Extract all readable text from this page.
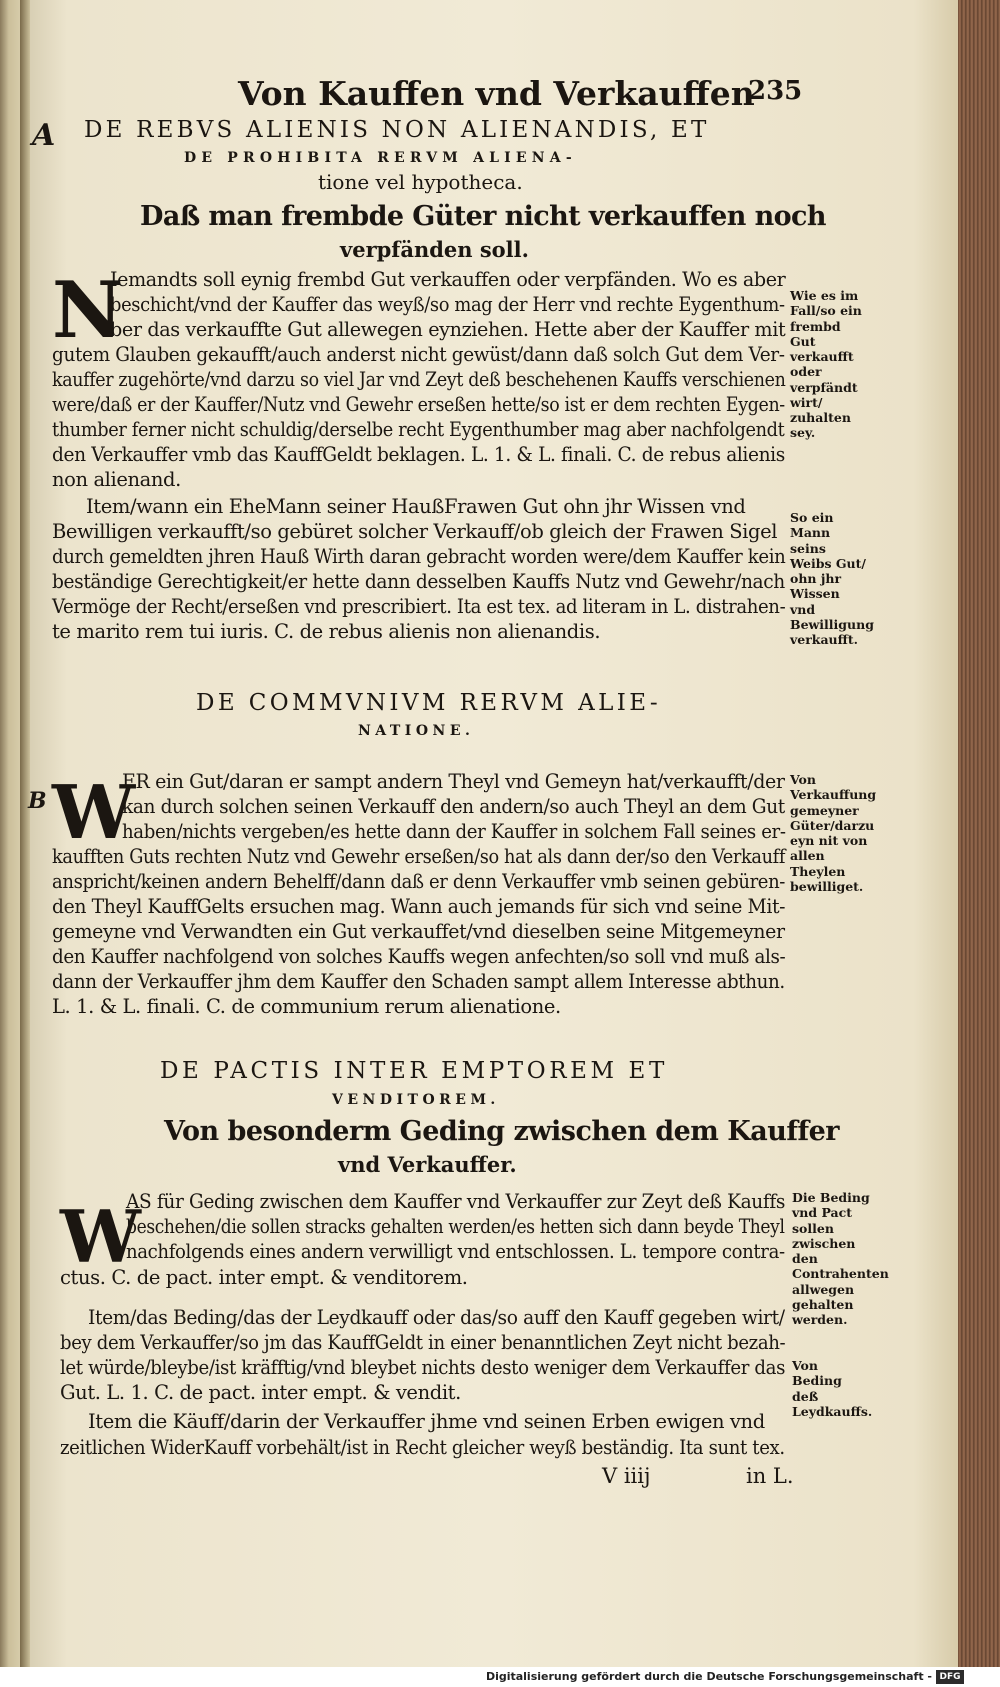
Von Kauffen vnd Verkauffen
235
A DE REBVS ALIENIS NON ALIENANDIS, ET
DE PROHIBITA RERVM ALIENA-
tione vel hypotheca.
Daß man frembde Güter nicht verkauffen noch
verpfänden soll.
N
Iemandts soll eynig frembd Gut verkauffen oder verpfänden. Wo es aber
beschicht/vnd der Kauffer das weyß/so mag der Herr vnd rechte Eygenthum-
ber das verkauffte Gut allewegen eynziehen. Hette aber der Kauffer mit
gutem Glauben gekaufft/auch anderst nicht gewüst/dann daß solch Gut dem Ver-
kauffer zugehörte/vnd darzu so viel Jar vnd Zeyt deß beschehenen Kauffs verschienen
were/daß er der Kauffer/Nutz vnd Gewehr erseßen hette/so ist er dem rechten Eygen-
thumber ferner nicht schuldig/derselbe recht Eygenthumber mag aber nachfolgendt
den Verkauffer vmb das KauffGeldt beklagen. L. 1. & L. finali. C. de rebus alienis
non alienand.
Item/wann ein EheMann seiner HaußFrawen Gut ohn jhr Wissen vnd
Bewilligen verkaufft/so gebüret solcher Verkauff/ob gleich der Frawen Sigel
durch gemeldten jhren Hauß Wirth daran gebracht worden were/dem Kauffer kein
beständige Gerechtigkeit/er hette dann desselben Kauffs Nutz vnd Gewehr/nach
Vermöge der Recht/erseßen vnd prescribiert. Ita est tex. ad literam in L. distrahen-
te marito rem tui iuris. C. de rebus alienis non alienandis.
Wie es im Fall/so ein frembd Gut verkaufft oder verpfändt wirt/ zuhalten sey.
So ein Mann seins Weibs Gut/ ohn jhr Wissen vnd Bewilligung verkaufft.
DE COMMVNIVM RERVM ALIE-
NATIONE.
B W
ER ein Gut/daran er sampt andern Theyl vnd Gemeyn hat/verkaufft/der
kan durch solchen seinen Verkauff den andern/so auch Theyl an dem Gut
haben/nichts vergeben/es hette dann der Kauffer in solchem Fall seines er-
kaufften Guts rechten Nutz vnd Gewehr erseßen/so hat als dann der/so den Verkauff
anspricht/keinen andern Behelff/dann daß er denn Verkauffer vmb seinen gebüren-
den Theyl KauffGelts ersuchen mag. Wann auch jemands für sich vnd seine Mit-
gemeyne vnd Verwandten ein Gut verkauffet/vnd dieselben seine Mitgemeyner
den Kauffer nachfolgend von solches Kauffs wegen anfechten/so soll vnd muß als-
dann der Verkauffer jhm dem Kauffer den Schaden sampt allem Interesse abthun.
L. 1. & L. finali. C. de communium rerum alienatione.
Von Verkauffung gemeyner Güter/darzu eyn nit von allen Theylen bewilliget.
DE PACTIS INTER EMPTOREM ET
VENDITOREM.
Von besonderm Geding zwischen dem Kauffer
vnd Verkauffer.
W
AS für Geding zwischen dem Kauffer vnd Verkauffer zur Zeyt deß Kauffs
beschehen/die sollen stracks gehalten werden/es hetten sich dann beyde Theyl
nachfolgends eines andern verwilligt vnd entschlossen. L. tempore contra-
ctus. C. de pact. inter empt. & venditorem.
Item/das Beding/das der Leydkauff oder das/so auff den Kauff gegeben wirt/
bey dem Verkauffer/so jm das KauffGeldt in einer benanntlichen Zeyt nicht bezah-
let würde/bleybe/ist kräfftig/vnd bleybet nichts desto weniger dem Verkauffer das
Gut. L. 1. C. de pact. inter empt. & vendit.
Item die Käuff/darin der Verkauffer jhme vnd seinen Erben ewigen vnd
zeitlichen WiderKauff vorbehält/ist in Recht gleicher weyß beständig. Ita sunt tex.
V iiij	in L.
Die Beding vnd Pact sollen zwischen den Contrahenten allwegen gehalten werden.
Von Beding deß Leydkauffs.
Digitalisierung gefördert durch die Deutsche Forschungsgemeinschaft - DFG
